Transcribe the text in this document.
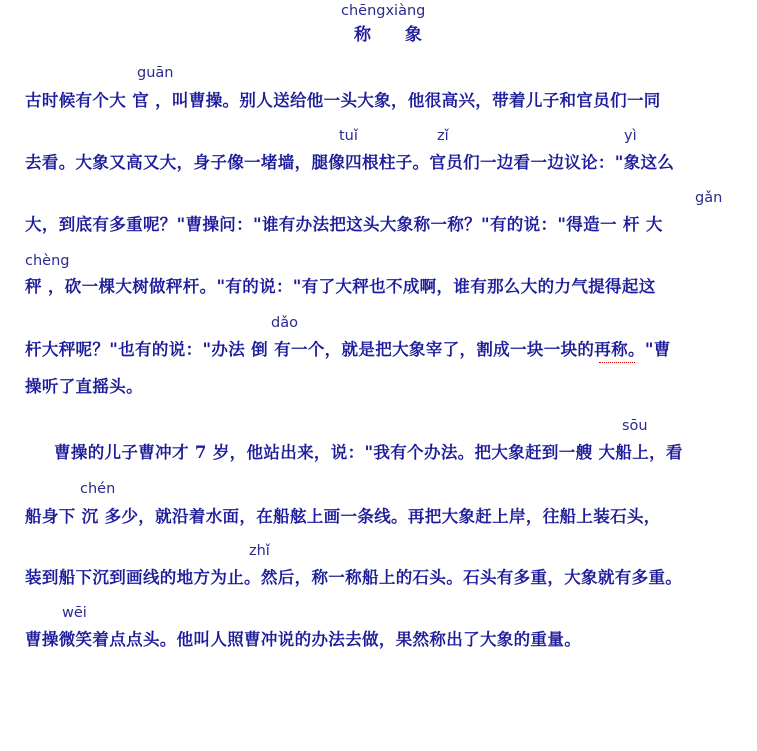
chēngxiàng
称 象
guān
古时候有个大 官 ，叫曹操。别人送给他一头大象，他很高兴，带着儿子和官员们一同
tuǐ	zǐ	yì
去看。大象又高又大，身子像一堵墙，腿像四根柱子。官员们一边看一边议论："象这么
gǎn
大，到底有多重呢？"曹操问："谁有办法把这头大象称一称？"有的说："得造一 杆 大
chèng
秤 ，砍一棵大树做秤杆。"有的说："有了大秤也不成啊，谁有那么大的力气提得起这
dǎo
杆大秤呢？"也有的说："办法 倒 有一个，就是把大象宰了，割成一块一块的再称。"曹
操听了直摇头。
sōu
曹操的儿子曹冲才 7 岁，他站出来，说："我有个办法。把大象赶到一艘 大船上，看
chén
船身下 沉 多少，就沿着水面，在船舷上画一条线。再把大象赶上岸，往船上装石头，
zhǐ
装到船下沉到画线的地方为止。然后，称一称船上的石头。石头有多重，大象就有多重。
wēi
曹操微笑着点点头。他叫人照曹冲说的办法去做，果然称出了大象的重量。
